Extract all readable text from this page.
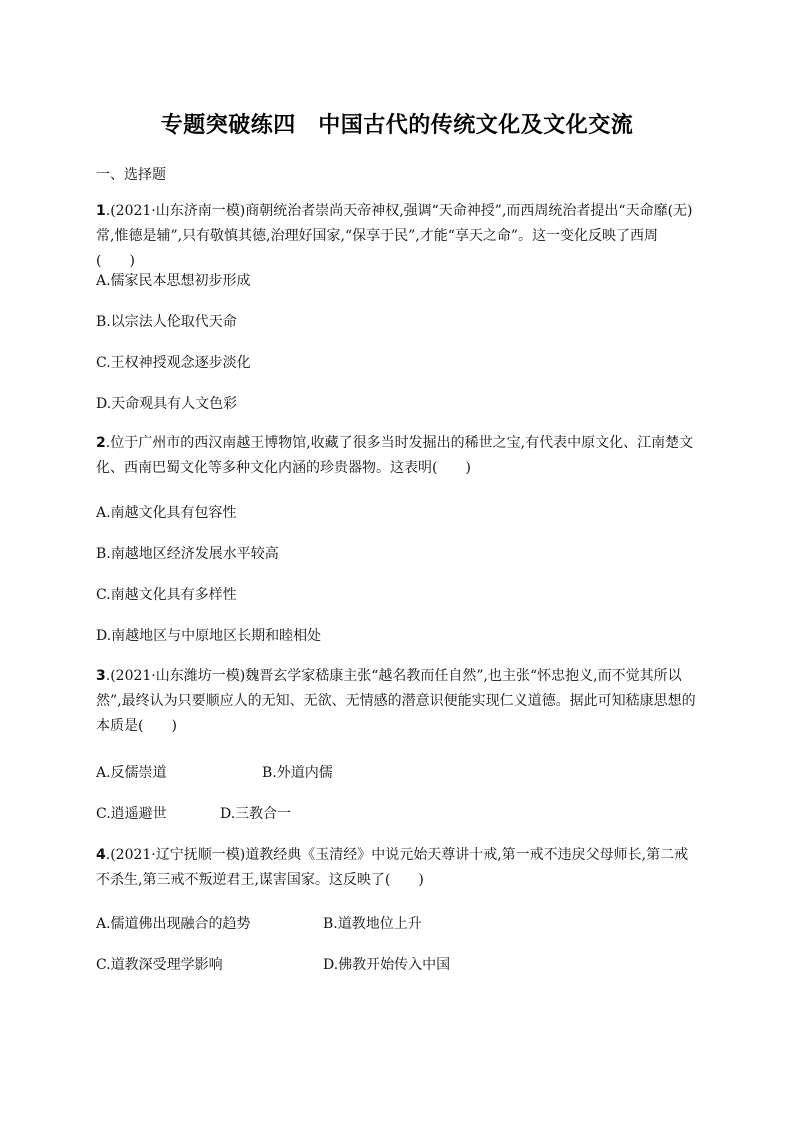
专题突破练四　中国古代的传统文化及文化交流
一、选择题
1.(2021·山东济南一模)商朝统治者崇尚天帝神权,强调“天命神授”,而西周统治者提出“天命靡(无)常,惟德是辅”,只有敬慎其德,治理好国家,“保享于民”,才能“享天之命”。这一变化反映了西周(　　)
A.儒家民本思想初步形成
B.以宗法人伦取代天命
C.王权神授观念逐步淡化
D.天命观具有人文色彩
2.位于广州市的西汉南越王博物馆,收藏了很多当时发掘出的稀世之宝,有代表中原文化、江南楚文化、西南巴蜀文化等多种文化内涵的珍贵器物。这表明(　　)
A.南越文化具有包容性
B.南越地区经济发展水平较高
C.南越文化具有多样性
D.南越地区与中原地区长期和睦相处
3.(2021·山东潍坊一模)魏晋玄学家嵇康主张“越名教而任自然”,也主张“怀忠抱义,而不觉其所以然”,最终认为只要顺应人的无知、无欲、无情感的潜意识便能实现仁义道德。据此可知嵇康思想的本质是(　　)
A.反儒崇道	B.外道内儒
C.逍遥避世	D.三教合一
4.(2021·辽宁抚顺一模)道教经典《玉清经》中说元始天尊讲十戒,第一戒不违戾父母师长,第二戒不杀生,第三戒不叛逆君王,谋害国家。这反映了(　　)
A.儒道佛出现融合的趋势	B.道教地位上升
C.道教深受理学影响	D.佛教开始传入中国
